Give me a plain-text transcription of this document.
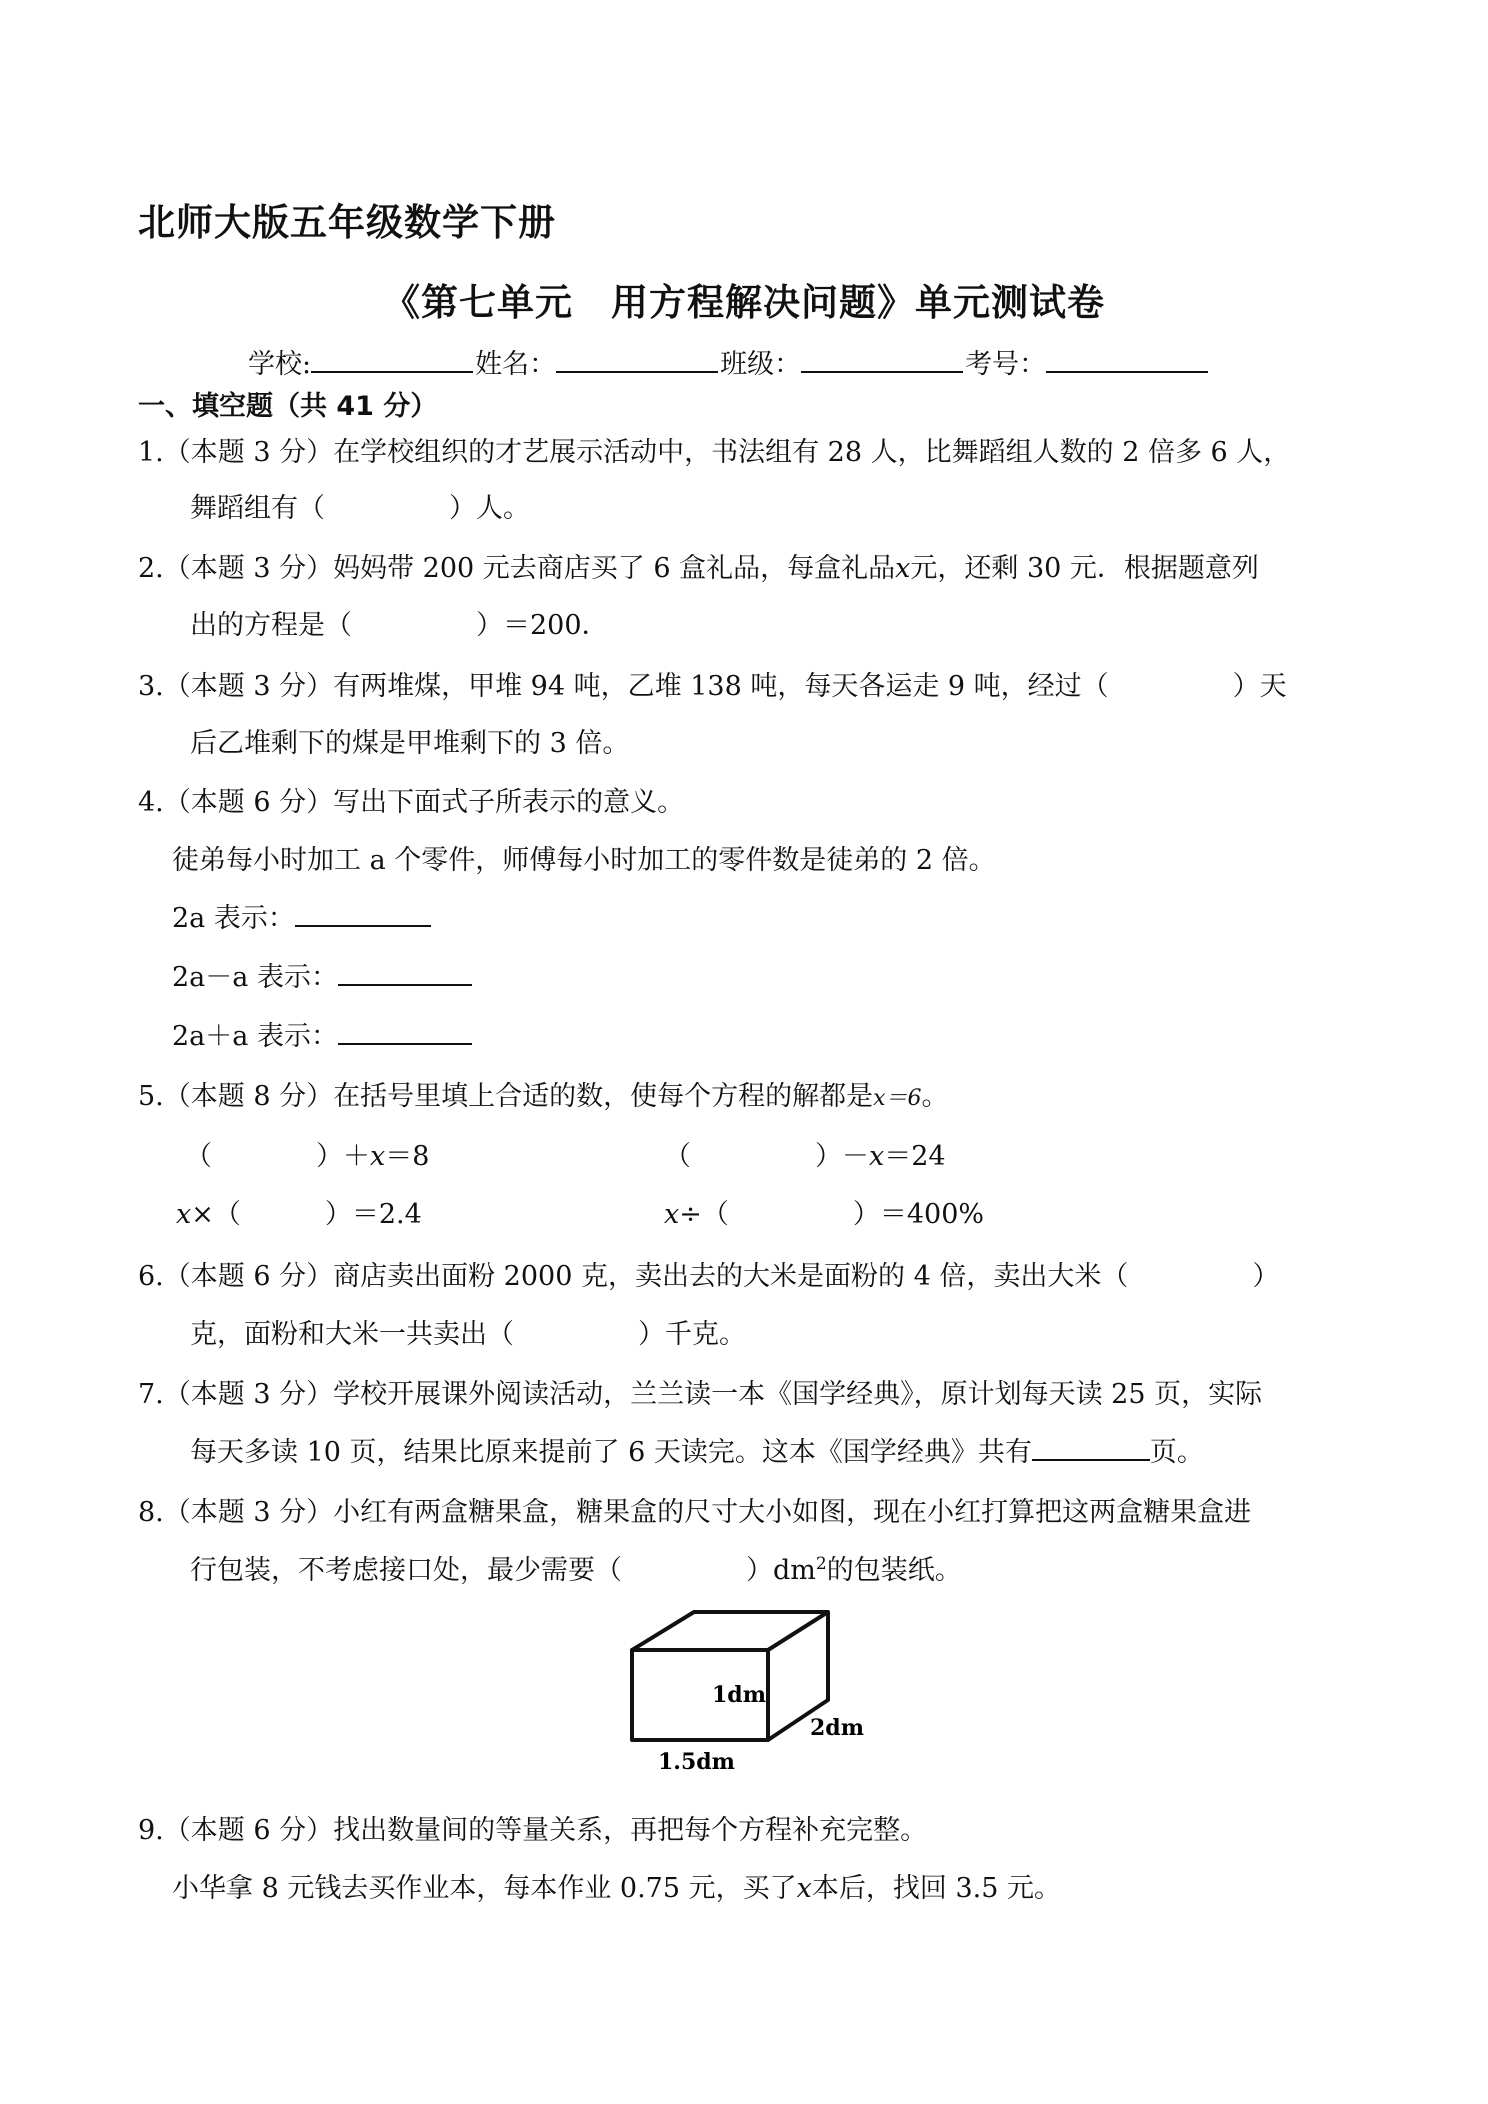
北师大版五年级数学下册
《第七单元　用方程解决问题》单元测试卷
学校:	姓名：	班级：	考号：
一、填空题（共 41 分）
1.（本题 3 分）在学校组织的才艺展示活动中，书法组有 28 人，比舞蹈组人数的 2 倍多 6 人，
舞蹈组有（	）人。
2.（本题 3 分）妈妈带 200 元去商店买了 6 盒礼品，每盒礼品x元，还剩 30 元．根据题意列
出的方程是（	）＝200．
3.（本题 3 分）有两堆煤，甲堆 94 吨，乙堆 138 吨，每天各运走 9 吨，经过（	）天
后乙堆剩下的煤是甲堆剩下的 3 倍。
4.（本题 6 分）写出下面式子所表示的意义。
徒弟每小时加工 a 个零件，师傅每小时加工的零件数是徒弟的 2 倍。
2a 表示：
2a－a 表示：
2a＋a 表示：
5.（本题 8 分）在括号里填上合适的数，使每个方程的解都是x＝6。
（	）＋x＝8	（	）－x＝24
x×（	）＝2.4	x÷（	）＝400%
6.（本题 6 分）商店卖出面粉 2000 克，卖出去的大米是面粉的 4 倍，卖出大米（	）
克，面粉和大米一共卖出（	）千克。
7.（本题 3 分）学校开展课外阅读活动，兰兰读一本《国学经典》，原计划每天读 25 页，实际
每天多读 10 页，结果比原来提前了 6 天读完。这本《国学经典》共有	页。
8.（本题 3 分）小红有两盒糖果盒，糖果盒的尺寸大小如图，现在小红打算把这两盒糖果盒进
行包装，不考虑接口处，最少需要（	）$dm^2$的包装纸。
1dm
2dm
1.5dm
9.（本题 6 分）找出数量间的等量关系，再把每个方程补充完整。
小华拿 8 元钱去买作业本，每本作业 0.75 元，买了x本后，找回 3.5 元。
